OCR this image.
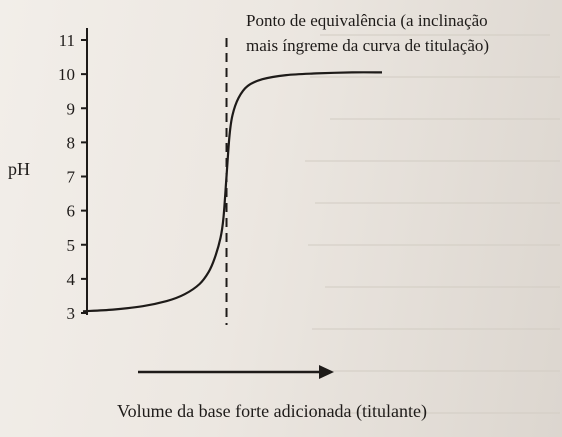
3
4
5
6
7
8
9
10
11
pH
Ponto de equivalência (a inclinação
mais íngreme da curva de titulação)
Volume da base forte adicionada (titulante)
